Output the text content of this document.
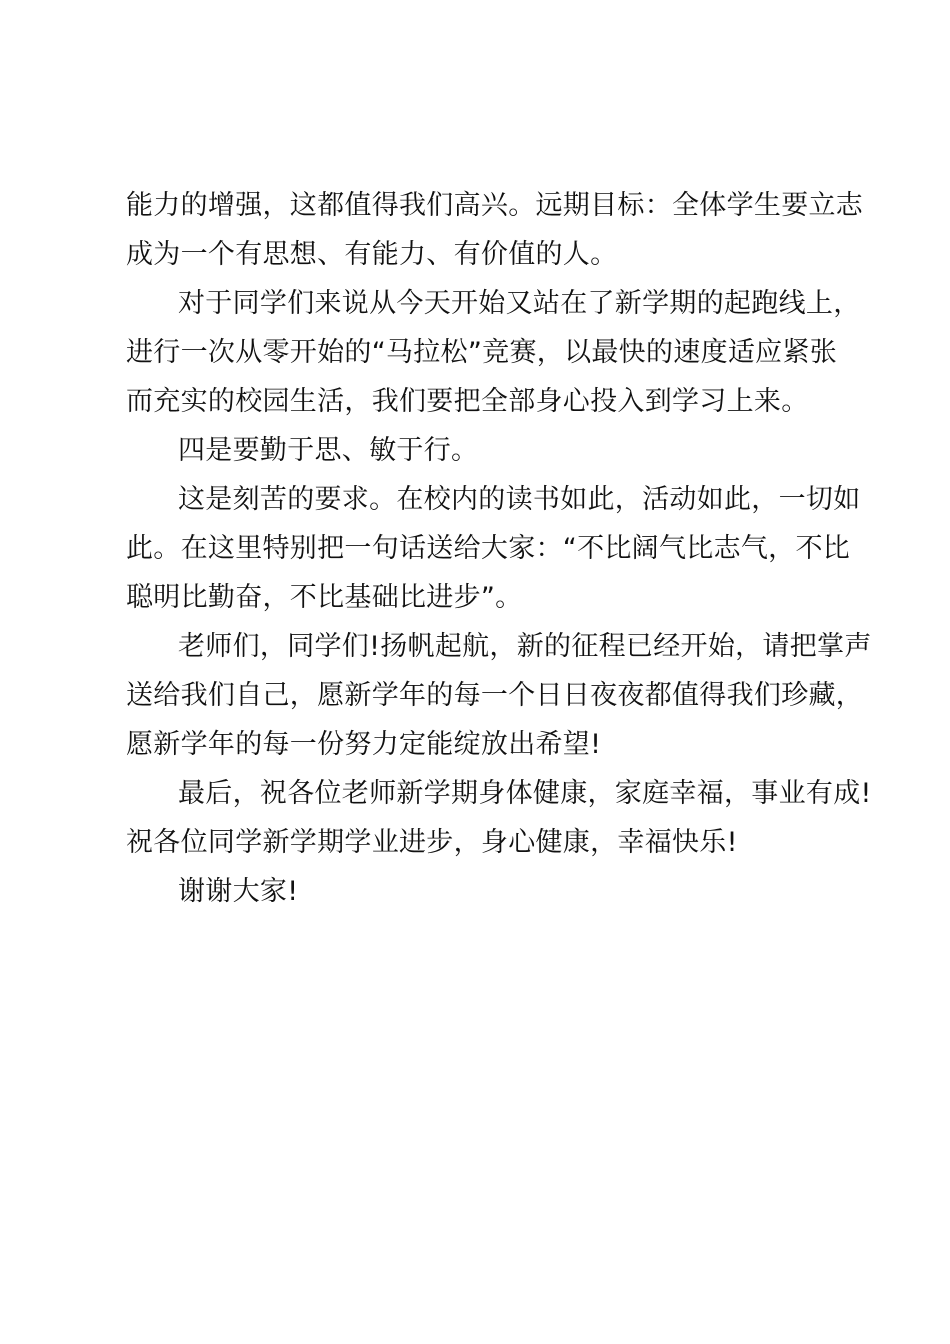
能力的增强，这都值得我们高兴。远期目标：全体学生要立志
成为一个有思想、有能力、有价值的人。
对于同学们来说从今天开始又站在了新学期的起跑线上，
进行一次从零开始的“马拉松”竞赛，以最快的速度适应紧张
而充实的校园生活，我们要把全部身心投入到学习上来。
四是要勤于思、敏于行。
这是刻苦的要求。在校内的读书如此，活动如此，一切如
此。在这里特别把一句话送给大家：“不比阔气比志气，不比
聪明比勤奋，不比基础比进步”。
老师们，同学们!扬帆起航，新的征程已经开始，请把掌声
送给我们自己，愿新学年的每一个日日夜夜都值得我们珍藏，
愿新学年的每一份努力定能绽放出希望!
最后，祝各位老师新学期身体健康，家庭幸福，事业有成!
祝各位同学新学期学业进步，身心健康，幸福快乐!
谢谢大家!
